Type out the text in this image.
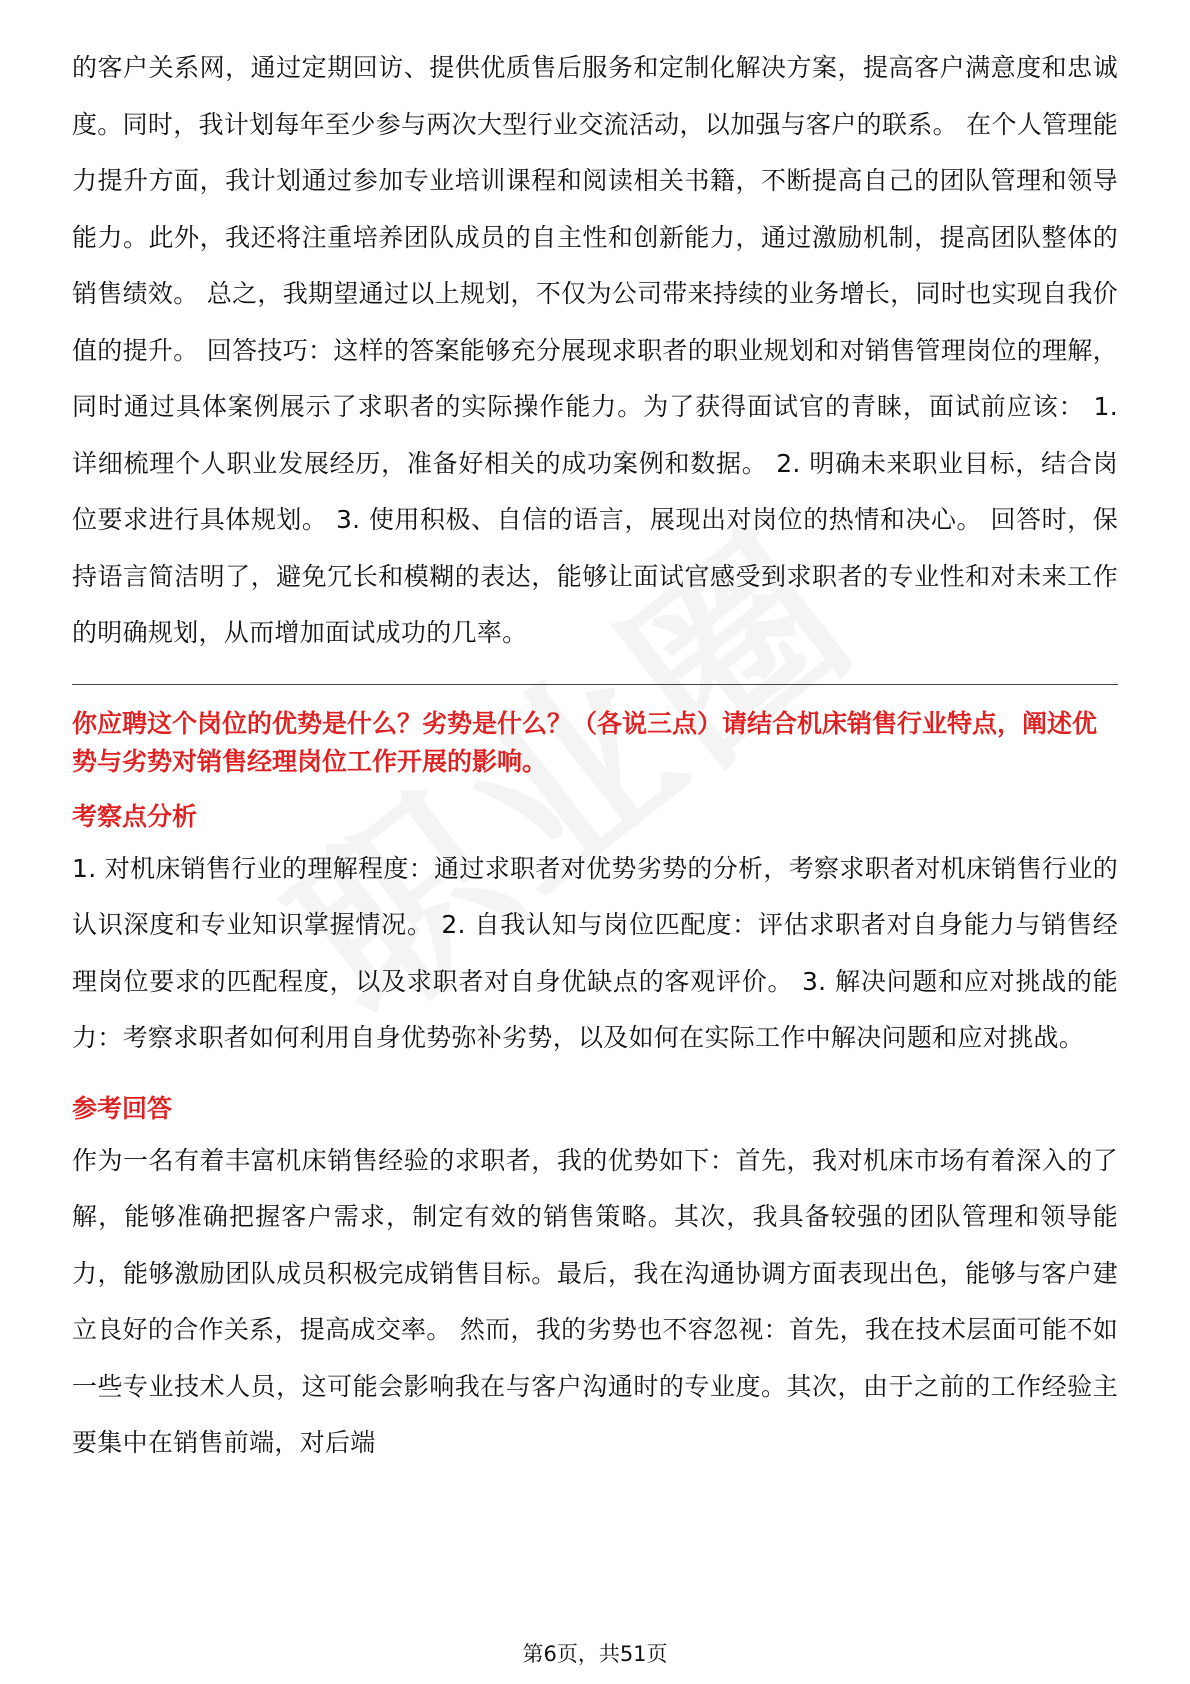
的客户关系网，通过定期回访、提供优质售后服务和定制化解决方案，提高客户满意度和忠诚度。同时，我计划每年至少参与两次大型行业交流活动，以加强与客户的联系。 在个人管理能力提升方面，我计划通过参加专业培训课程和阅读相关书籍，不断提高自己的团队管理和领导能力。此外，我还将注重培养团队成员的自主性和创新能力，通过激励机制，提高团队整体的销售绩效。 总之，我期望通过以上规划，不仅为公司带来持续的业务增长，同时也实现自我价值的提升。 回答技巧：这样的答案能够充分展现求职者的职业规划和对销售管理岗位的理解，同时通过具体案例展示了求职者的实际操作能力。为了获得面试官的青睐，面试前应该： 1. 详细梳理个人职业发展经历，准备好相关的成功案例和数据。 2. 明确未来职业目标，结合岗位要求进行具体规划。 3. 使用积极、自信的语言，展现出对岗位的热情和决心。 回答时，保持语言简洁明了，避免冗长和模糊的表达，能够让面试官感受到求职者的专业性和对未来工作的明确规划，从而增加面试成功的几率。

你应聘这个岗位的优势是什么？劣势是什么？（各说三点）请结合机床销售行业特点，阐述优势与劣势对销售经理岗位工作开展的影响。

考察点分析

1. 对机床销售行业的理解程度：通过求职者对优势劣势的分析，考察求职者对机床销售行业的认识深度和专业知识掌握情况。 2. 自我认知与岗位匹配度：评估求职者对自身能力与销售经理岗位要求的匹配程度，以及求职者对自身优缺点的客观评价。 3. 解决问题和应对挑战的能力：考察求职者如何利用自身优势弥补劣势，以及如何在实际工作中解决问题和应对挑战。

参考回答

作为一名有着丰富机床销售经验的求职者，我的优势如下：首先，我对机床市场有着深入的了解，能够准确把握客户需求，制定有效的销售策略。其次，我具备较强的团队管理和领导能力，能够激励团队成员积极完成销售目标。最后，我在沟通协调方面表现出色，能够与客户建立良好的合作关系，提高成交率。 然而，我的劣势也不容忽视：首先，我在技术层面可能不如一些专业技术人员，这可能会影响我在与客户沟通时的专业度。其次，由于之前的工作经验主要集中在销售前端，对后端

第6页，共51页
